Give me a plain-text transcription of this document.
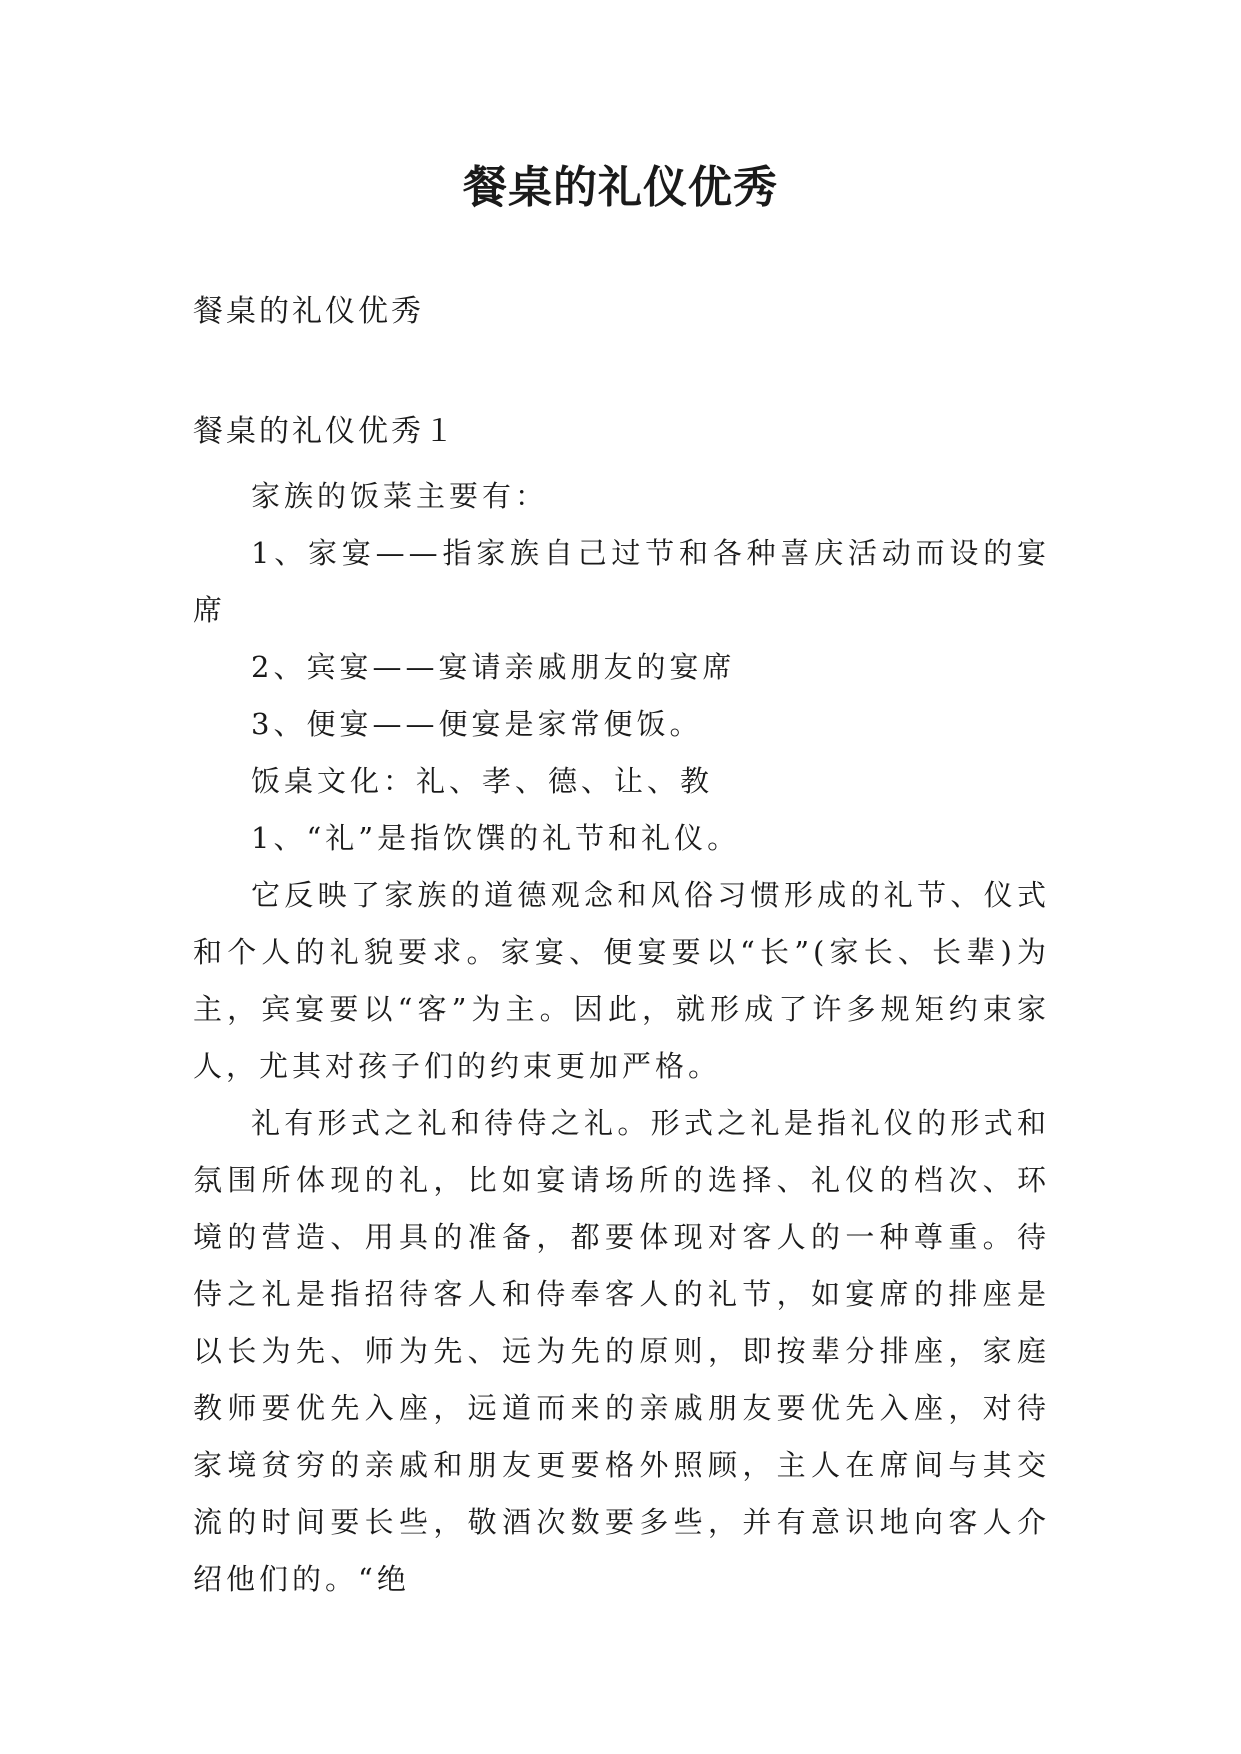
餐桌的礼仪优秀
餐桌的礼仪优秀
餐桌的礼仪优秀１

家族的饭菜主要有：

1、家宴——指家族自己过节和各种喜庆活动而设的宴席

2、宾宴——宴请亲戚朋友的宴席

3、便宴——便宴是家常便饭。

饭桌文化：礼、孝、德、让、教

1、“礼”是指饮馔的礼节和礼仪。

它反映了家族的道德观念和风俗习惯形成的礼节、仪式和个人的礼貌要求。家宴、便宴要以“长”(家长、长辈)为主，宾宴要以“客”为主。因此，就形成了许多规矩约束家人，尤其对孩子们的约束更加严格。

礼有形式之礼和待侍之礼。形式之礼是指礼仪的形式和氛围所体现的礼，比如宴请场所的选择、礼仪的档次、环境的营造、用具的准备，都要体现对客人的一种尊重。待侍之礼是指招待客人和侍奉客人的礼节，如宴席的排座是以长为先、师为先、远为先的原则，即按辈分排座，家庭教师要优先入座，远道而来的亲戚朋友要优先入座，对待家境贫穷的亲戚和朋友更要格外照顾，主人在席间与其交流的时间要长些，敬酒次数要多些，并有意识地向客人介绍他们的。“绝
